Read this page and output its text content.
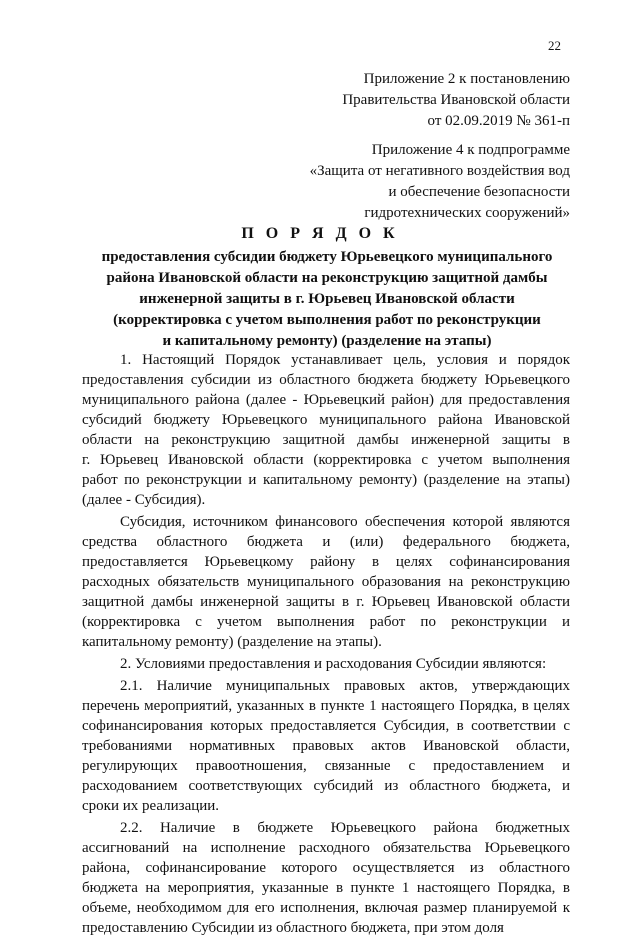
22
Приложение 2 к постановлению
Правительства Ивановской области
от 02.09.2019 № 361-п
Приложение 4 к подпрограмме
«Защита от негативного воздействия вод
и обеспечение безопасности
гидротехнических сооружений»
П О Р Я Д О К
предоставления субсидии бюджету Юрьевецкого муниципального
района Ивановской области на реконструкцию защитной дамбы
инженерной защиты в г. Юрьевец Ивановской области
(корректировка с учетом выполнения работ по реконструкции
и капитальному ремонту) (разделение на этапы)
1. Настоящий Порядок устанавливает цель, условия и порядок
предоставления субсидии из областного бюджета бюджету Юрьевецкого
муниципального района (далее - Юрьевецкий район) для предоставления
субсидий бюджету Юрьевецкого муниципального района Ивановской
области на реконструкцию защитной дамбы инженерной защиты в
г. Юрьевец Ивановской области (корректировка с учетом выполнения
работ по реконструкции и капитальному ремонту) (разделение на этапы)
(далее - Субсидия).
Субсидия, источником финансового обеспечения которой являются
средства областного бюджета и (или) федерального бюджета,
предоставляется Юрьевецкому району в целях софинансирования
расходных обязательств муниципального образования на реконструкцию
защитной дамбы инженерной защиты в г. Юрьевец Ивановской области
(корректировка с учетом выполнения работ по реконструкции и
капитальному ремонту) (разделение на этапы).
2. Условиями предоставления и расходования Субсидии являются:
2.1. Наличие муниципальных правовых актов, утверждающих
перечень мероприятий, указанных в пункте 1 настоящего Порядка, в целях
софинансирования которых предоставляется Субсидия, в соответствии с
требованиями нормативных правовых актов Ивановской области,
регулирующих правоотношения, связанные с предоставлением и
расходованием соответствующих субсидий из областного бюджета, и
сроки их реализации.
2.2. Наличие в бюджете Юрьевецкого района бюджетных
ассигнований на исполнение расходного обязательства Юрьевецкого
района, софинансирование которого осуществляется из областного
бюджета на мероприятия, указанные в пункте 1 настоящего Порядка, в
объеме, необходимом для его исполнения, включая размер планируемой к
предоставлению Субсидии из областного бюджета, при этом доля
